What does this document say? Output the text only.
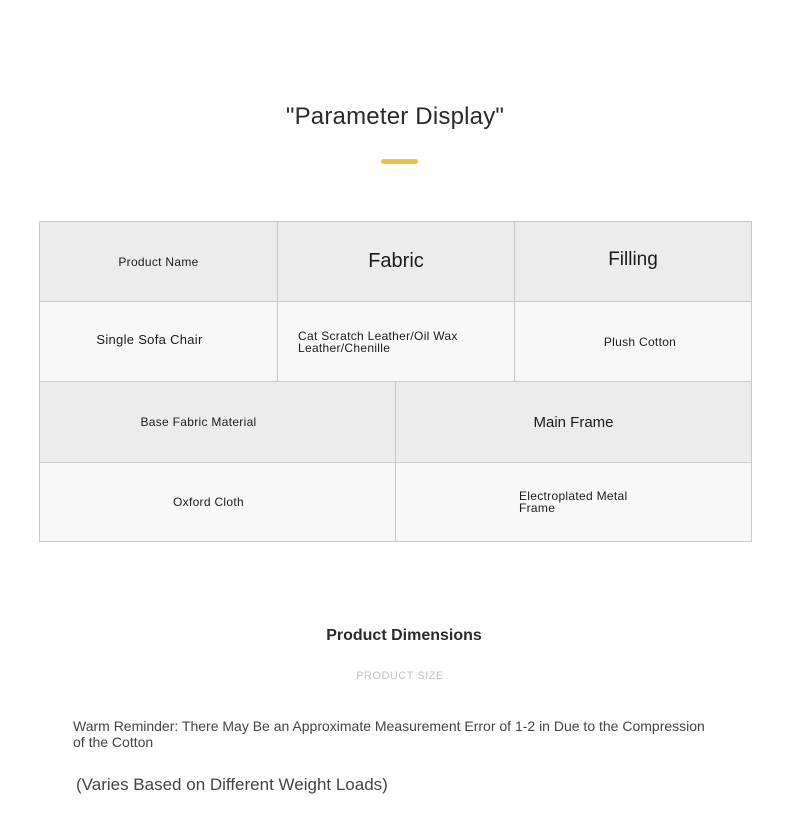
"Parameter Display"
Product Name	Fabric	Filling
Single Sofa Chair	Cat Scratch Leather/Oil Wax Leather/Chenille	Plush Cotton
Base Fabric Material	Main Frame
Oxford Cloth	Electroplated Metal Frame
Product Dimensions
PRODUCT SIZE
Warm Reminder: There May Be an Approximate Measurement Error of 1-2 in Due to the Compression of the Cotton
(Varies Based on Different Weight Loads)
